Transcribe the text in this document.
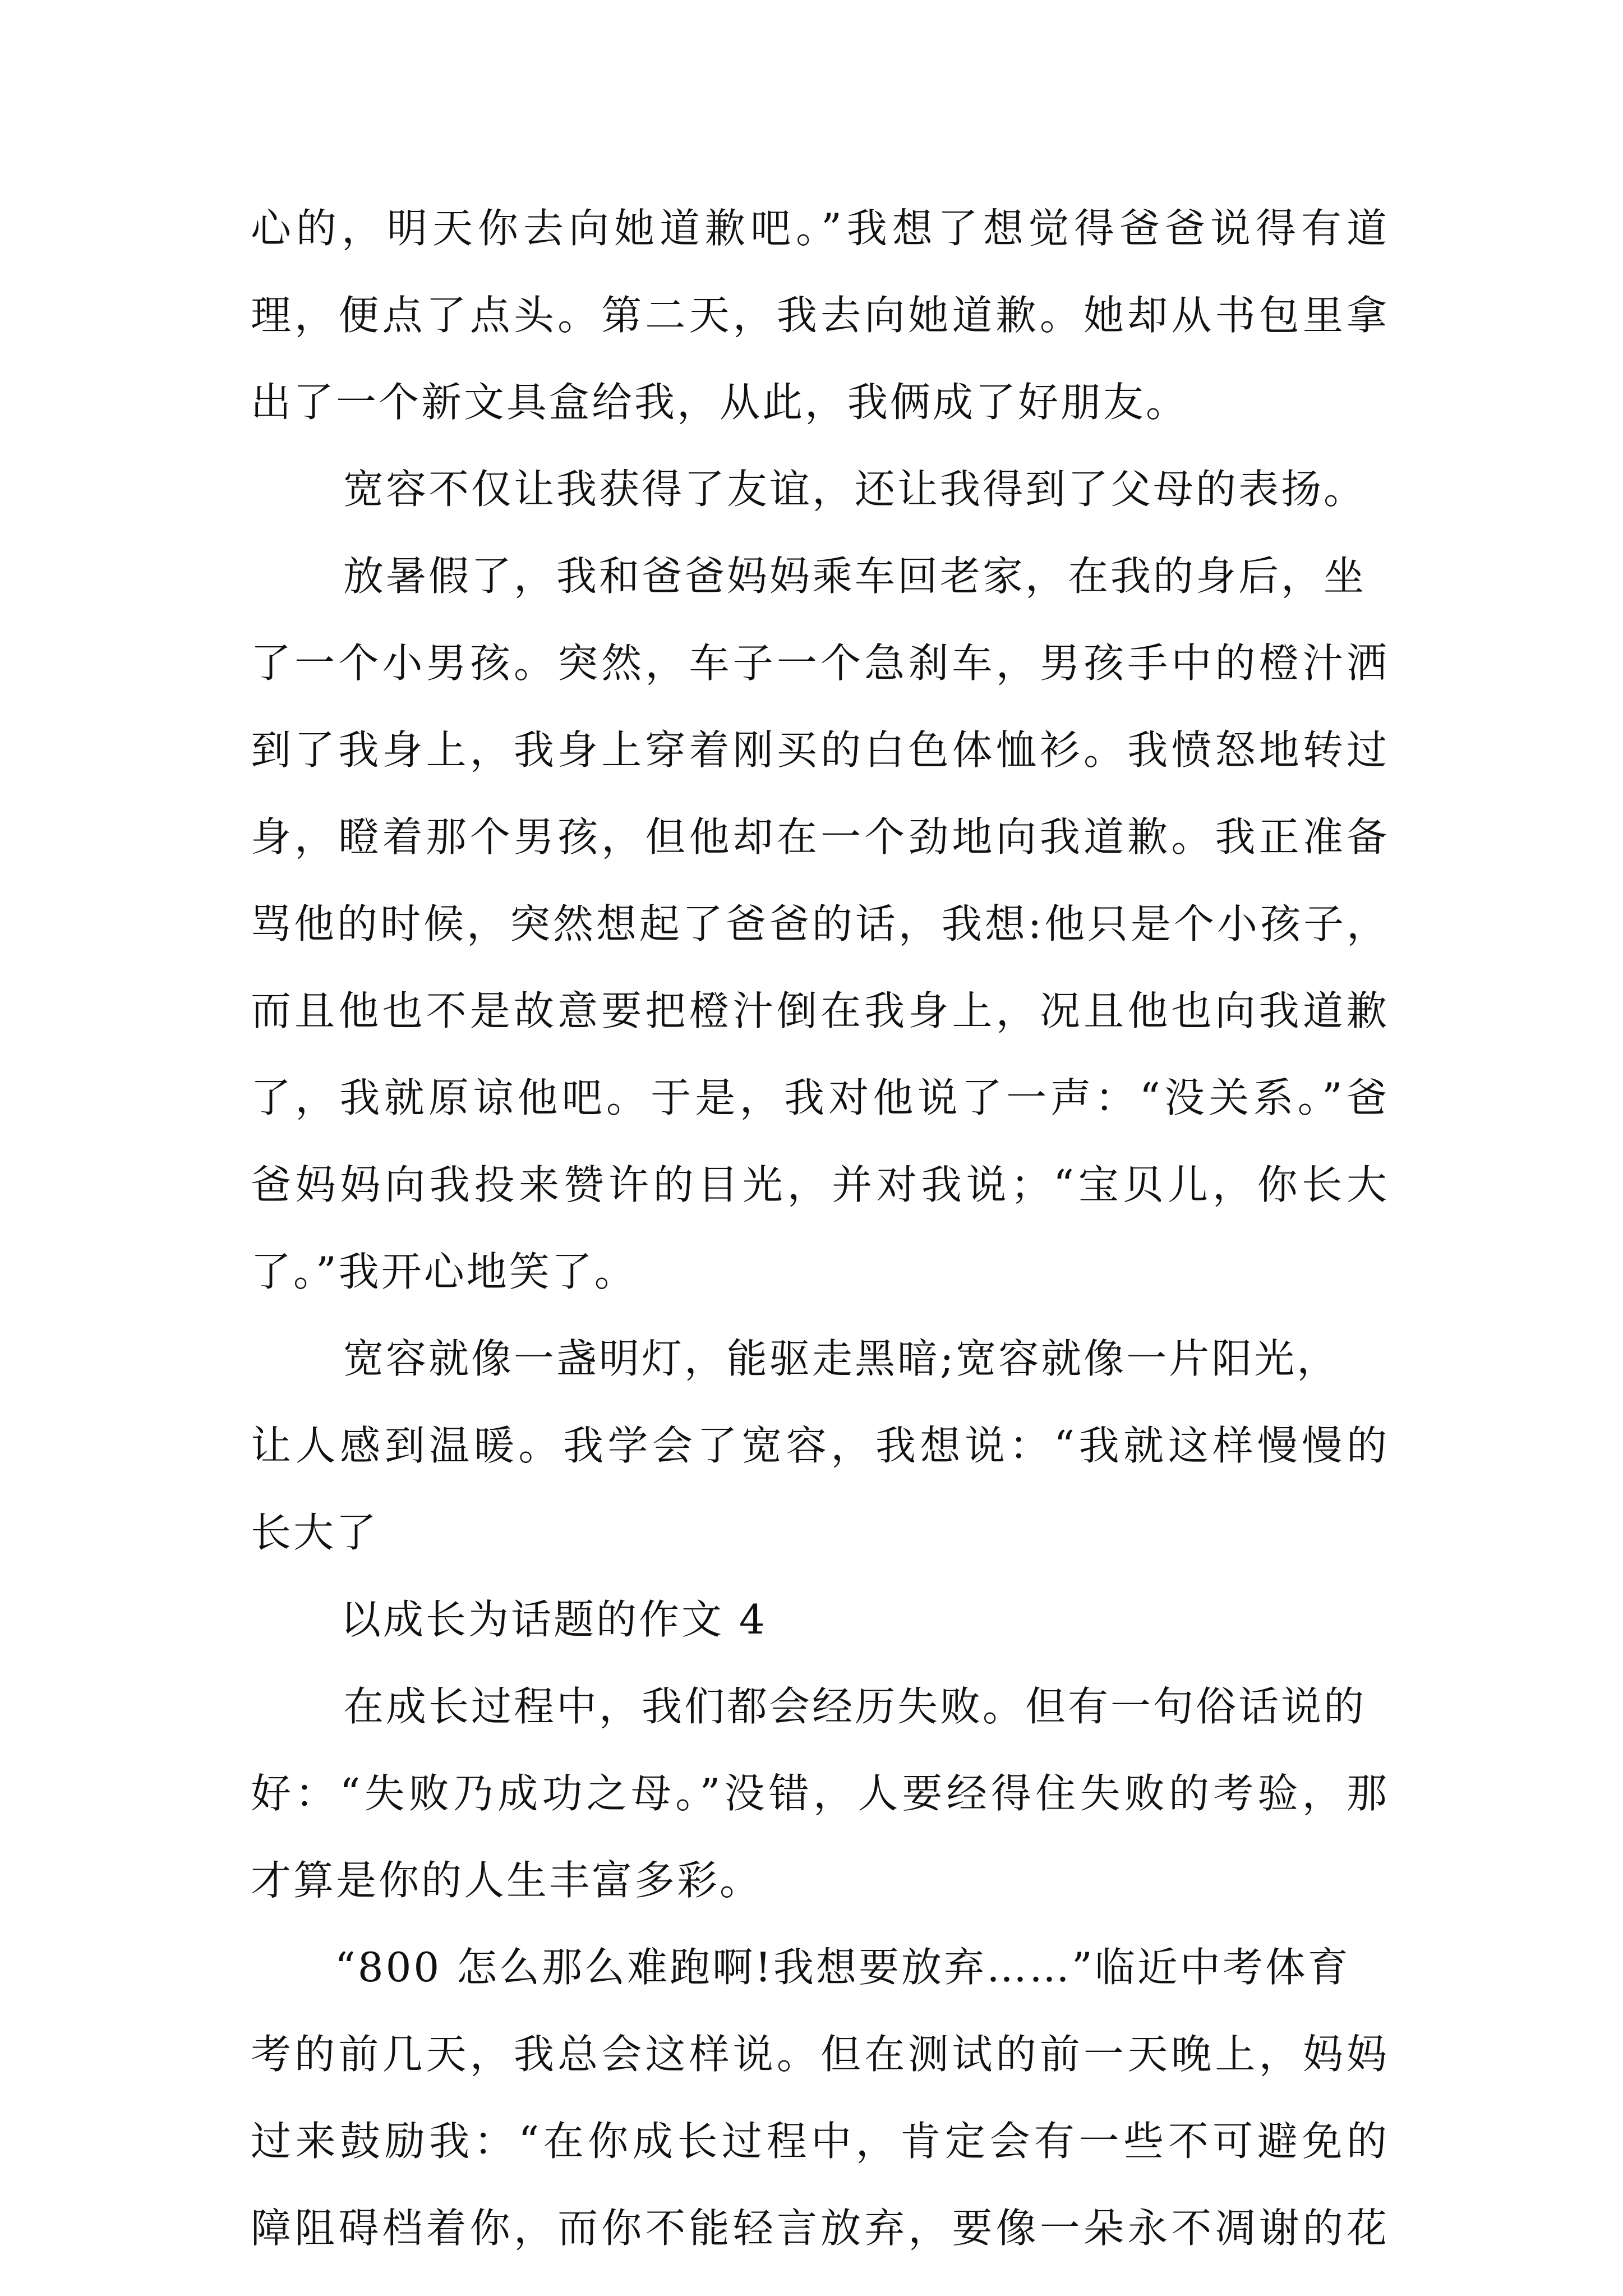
心的，明天你去向她道歉吧。”我想了想觉得爸爸说得有道
理，便点了点头。第二天，我去向她道歉。她却从书包里拿
出了一个新文具盒给我，从此，我俩成了好朋友。
宽容不仅让我获得了友谊，还让我得到了父母的表扬。
放暑假了，我和爸爸妈妈乘车回老家，在我的身后，坐
了一个小男孩。突然，车子一个急刹车，男孩手中的橙汁洒
到了我身上，我身上穿着刚买的白色体恤衫。我愤怒地转过
身，瞪着那个男孩，但他却在一个劲地向我道歉。我正准备
骂他的时候，突然想起了爸爸的话，我想:他只是个小孩子，
而且他也不是故意要把橙汁倒在我身上，况且他也向我道歉
了，我就原谅他吧。于是，我对他说了一声：“没关系。”爸
爸妈妈向我投来赞许的目光，并对我说；“宝贝儿，你长大
了。”我开心地笑了。
宽容就像一盏明灯，能驱走黑暗;宽容就像一片阳光，
让人感到温暖。我学会了宽容，我想说：“我就这样慢慢的
长大了
以成长为话题的作文 4
在成长过程中，我们都会经历失败。但有一句俗话说的
好：“失败乃成功之母。”没错，人要经得住失败的考验，那
才算是你的人生丰富多彩。
“800 怎么那么难跑啊!我想要放弃……”临近中考体育
考的前几天，我总会这样说。但在测试的前一天晚上，妈妈
过来鼓励我：“在你成长过程中，肯定会有一些不可避免的
障阻碍档着你，而你不能轻言放弃，要像一朵永不凋谢的花
